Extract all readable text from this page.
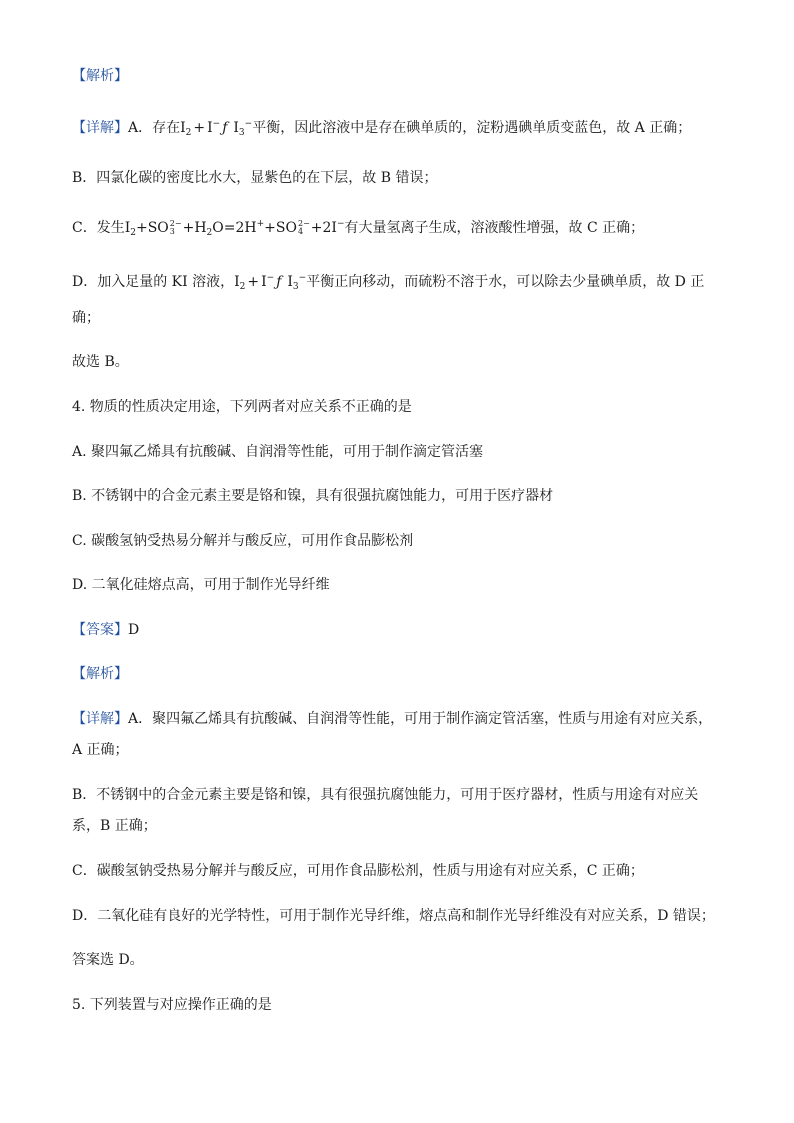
【解析】
【详解】A．存在$I_2 + I^-$ ƒ $I_3^-$平衡，因此溶液中是存在碘单质的，淀粉遇碘单质变蓝色，故 A 正确；
B．四氯化碳的密度比水大，显紫色的在下层，故 B 错误；
C．发生$I_2+SO$ 2−
$3 +H_2O=2H^++SO$ 2−
4 +2I−有大量氢离子生成，溶液酸性增强，故 C 正确；
D．加入足量的 KI 溶液，$I_2 + I^-$ ƒ $I_3^-$平衡正向移动，而硫粉不溶于水，可以除去少量碘单质，故 D 正
确；
故选 B。
4. 物质的性质决定用途，下列两者对应关系不正确的是
A. 聚四氟乙烯具有抗酸碱、自润滑等性能，可用于制作滴定管活塞
B. 不锈钢中的合金元素主要是铬和镍，具有很强抗腐蚀能力，可用于医疗器材
C. 碳酸氢钠受热易分解并与酸反应，可用作食品膨松剂
D. 二氧化硅熔点高，可用于制作光导纤维
【答案】D
【解析】
【详解】A．聚四氟乙烯具有抗酸碱、自润滑等性能，可用于制作滴定管活塞，性质与用途有对应关系，
A 正确；
B．不锈钢中的合金元素主要是铬和镍，具有很强抗腐蚀能力，可用于医疗器材，性质与用途有对应关
系，B 正确；
C．碳酸氢钠受热易分解并与酸反应，可用作食品膨松剂，性质与用途有对应关系，C 正确；
D．二氧化硅有良好的光学特性，可用于制作光导纤维，熔点高和制作光导纤维没有对应关系，D 错误；
答案选 D。
5. 下列装置与对应操作正确的是
